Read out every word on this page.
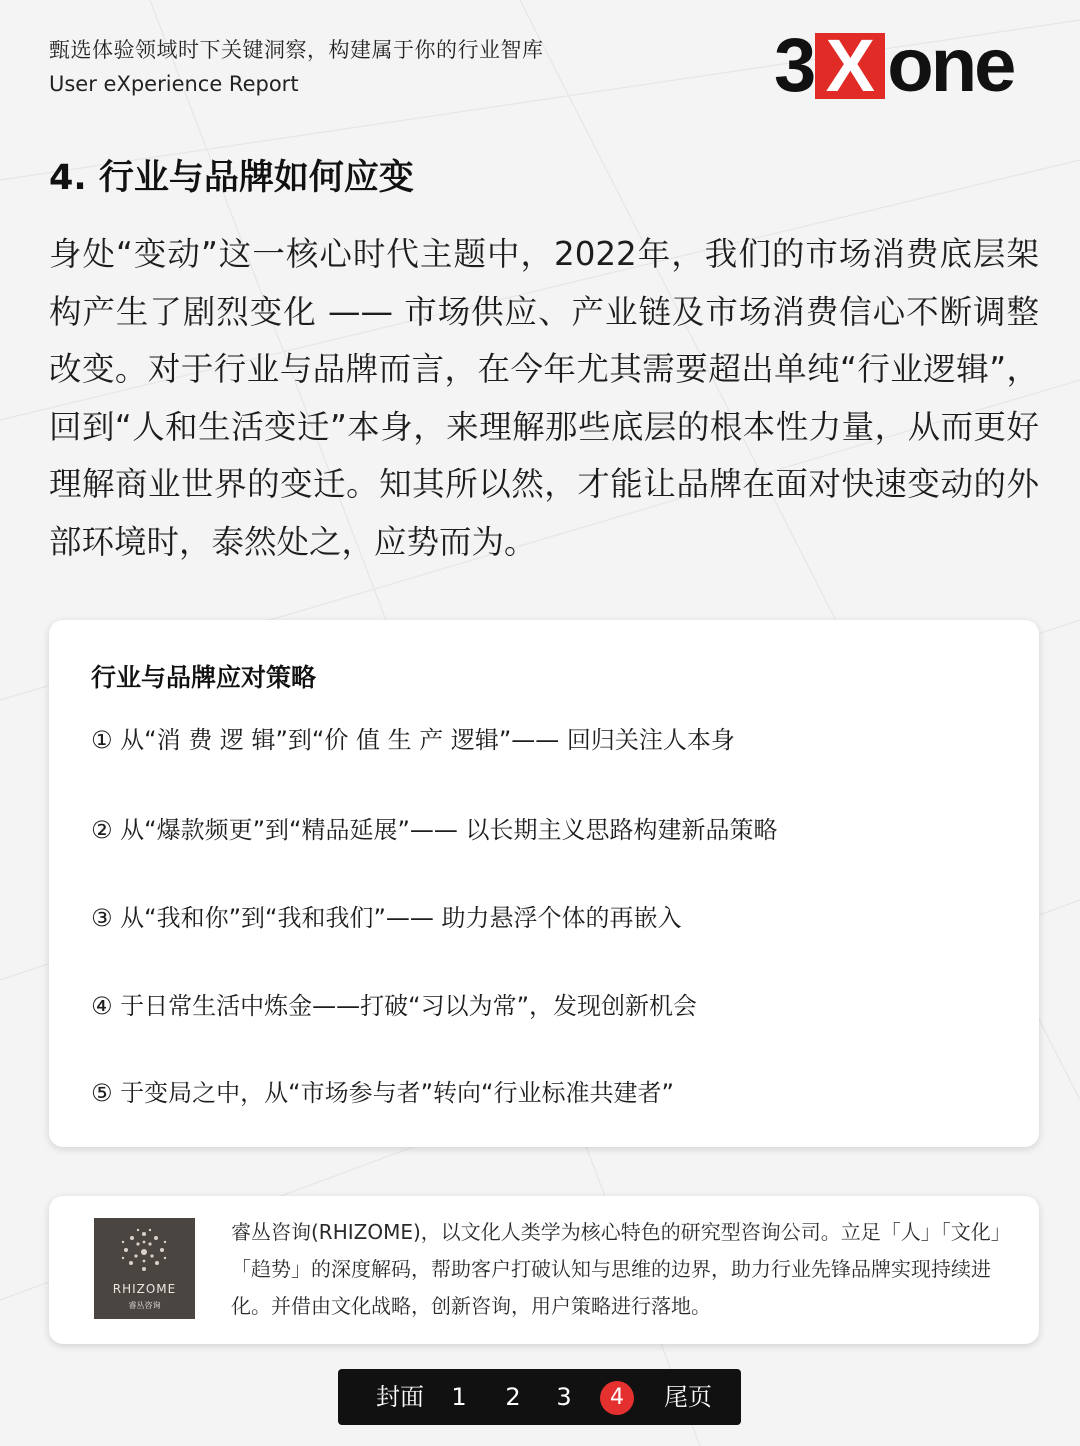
甄选体验领域时下关键洞察，构建属于你的行业智库
User eXperience Report	3 X one
4. 行业与品牌如何应变
身处“变动”这一核心时代主题中，2022年，我们的市场消费底层架构产生了剧烈变化 —— 市场供应、产业链及市场消费信心不断调整改变。对于行业与品牌而言，在今年尤其需要超出单纯“行业逻辑”，回到“人和生活变迁”本身，来理解那些底层的根本性力量，从而更好理解商业世界的变迁。知其所以然，才能让品牌在面对快速变动的外部环境时，泰然处之，应势而为。
行业与品牌应对策略
① 从“消 费 逻 辑”到“价 值 生 产 逻辑”—— 回归关注人本身
② 从“爆款频更”到“精品延展”—— 以长期主义思路构建新品策略
③ 从“我和你”到“我和我们”—— 助力悬浮个体的再嵌入
④ 于日常生活中炼金——打破“习以为常”，发现创新机会
⑤ 于变局之中，从“市场参与者”转向“行业标准共建者”
RHIZOME
睿丛咨询
睿丛咨询(RHIZOME)，以文化人类学为核心特色的研究型咨询公司。立足「人」「文化」「趋势」的深度解码，帮助客户打破认知与思维的边界，助力行业先锋品牌实现持续进化。并借由文化战略，创新咨询，用户策略进行落地。
封面	1 2 3	4	尾页
